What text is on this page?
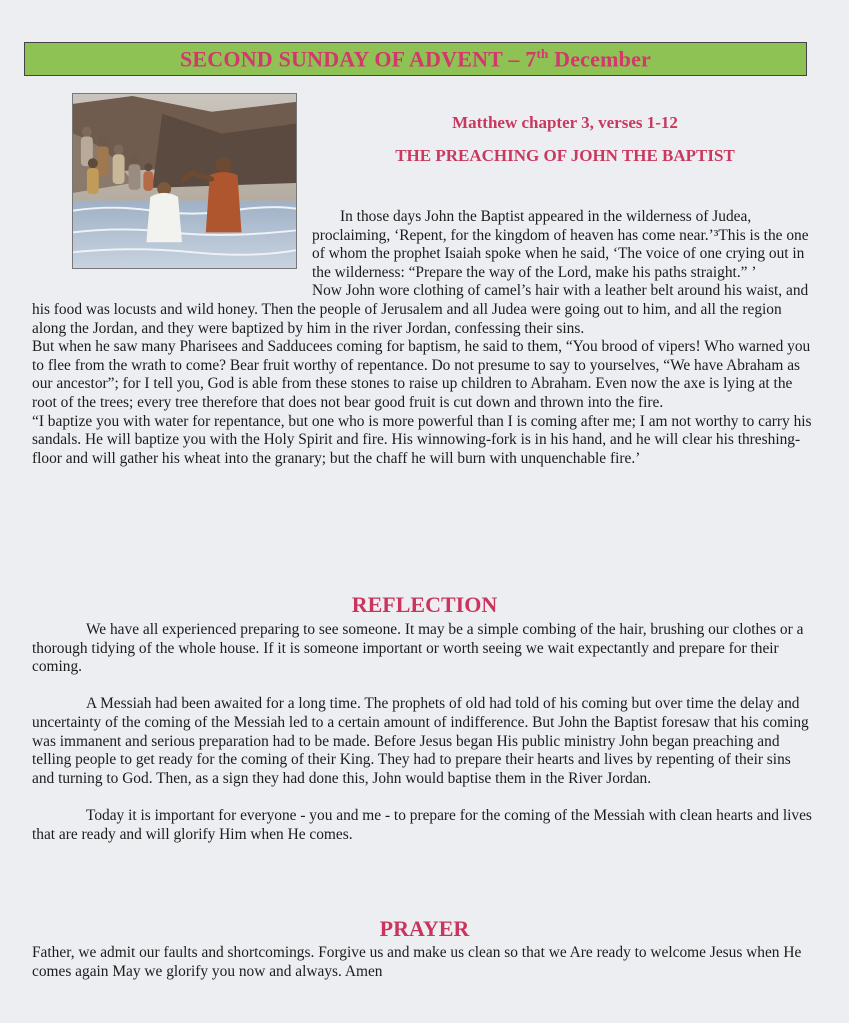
SECOND SUNDAY OF ADVENT – 7th December
Matthew chapter 3, verses 1-12
THE PREACHING OF JOHN THE BAPTIST

In those days John the Baptist appeared in the wilderness of Judea, proclaiming, ‘Repent, for the kingdom of heaven has come near.’³This is the one of whom the prophet Isaiah spoke when he said, ‘The voice of one crying out in the wilderness: “Prepare the way of the Lord, make his paths straight.” ’

Now John wore clothing of camel’s hair with a leather belt around his waist, and his food was locusts and wild honey. Then the people of Jerusalem and all Judea were going out to him, and all the region along the Jordan, and they were baptized by him in the river Jordan, confessing their sins.

But when he saw many Pharisees and Sadducees coming for baptism, he said to them, “You brood of vipers! Who warned you to flee from the wrath to come? Bear fruit worthy of repentance. Do not presume to say to yourselves, “We have Abraham as our ancestor”; for I tell you, God is able from these stones to raise up children to Abraham. Even now the axe is lying at the root of the trees; every tree therefore that does not bear good fruit is cut down and thrown into the fire.

“I baptize you with water for repentance, but one who is more powerful than I is coming after me; I am not worthy to carry his sandals. He will baptize you with the Holy Spirit and fire. His winnowing-fork is in his hand, and he will clear his threshing-floor and will gather his wheat into the granary; but the chaff he will burn with unquenchable fire.’

REFLECTION

We have all experienced preparing to see someone. It may be a simple combing of the hair, brushing our clothes or a thorough tidying of the whole house. If it is someone important or worth seeing we wait expectantly and prepare for their coming.

A Messiah had been awaited for a long time. The prophets of old had told of his coming but over time the delay and uncertainty of the coming of the Messiah led to a certain amount of indifference. But John the Baptist foresaw that his coming was immanent and serious preparation had to be made. Before Jesus began His public ministry John began preaching and telling people to get ready for the coming of their King. They had to prepare their hearts and lives by repenting of their sins and turning to God. Then, as a sign they had done this, John would baptise them in the River Jordan.

Today it is important for everyone - you and me - to prepare for the coming of the Messiah with clean hearts and lives that are ready and will glorify Him when He comes.

PRAYER

Father, we admit our faults and shortcomings. Forgive us and make us clean so that we Are ready to welcome Jesus when He comes again May we glorify you now and always. Amen
